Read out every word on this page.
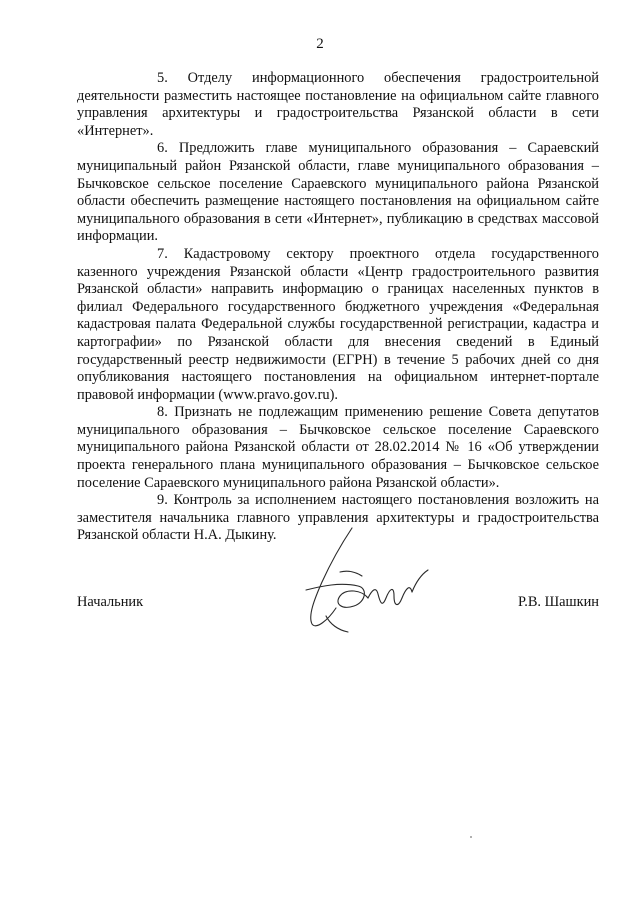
2

5. Отделу информационного обеспечения градостроительной деятельности разместить настоящее постановление на официальном сайте главного управления архитектуры и градостроительства Рязанской области в сети «Интернет».

6. Предложить главе муниципального образования – Сараевский муниципальный район Рязанской области, главе муниципального образования – Бычковское сельское поселение Сараевского муниципального района Рязанской области обеспечить размещение настоящего постановления на официальном сайте муниципального образования в сети «Интернет», публикацию в средствах массовой информации.

7. Кадастровому сектору проектного отдела государственного казенного учреждения Рязанской области «Центр градостроительного развития Рязанской области» направить информацию о границах населенных пунктов в филиал Федерального государственного бюджетного учреждения «Федеральная кадастровая палата Федеральной службы государственной регистрации, кадастра и картографии» по Рязанской области для внесения сведений в Единый государственный реестр недвижимости (ЕГРН) в течение 5 рабочих дней со дня опубликования настоящего постановления на официальном интернет-портале правовой информации (www.pravo.gov.ru).

8. Признать не подлежащим применению решение Совета депутатов муниципального образования – Бычковское сельское поселение Сараевского муниципального района Рязанской области от 28.02.2014 № 16 «Об утверждении проекта генерального плана муниципального образования – Бычковское сельское поселение Сараевского муниципального района Рязанской области».

9. Контроль за исполнением настоящего постановления возложить на заместителя начальника главного управления архитектуры и градостроительства Рязанской области Н.А. Дыкину.

Начальник	Р.В. Шашкин
